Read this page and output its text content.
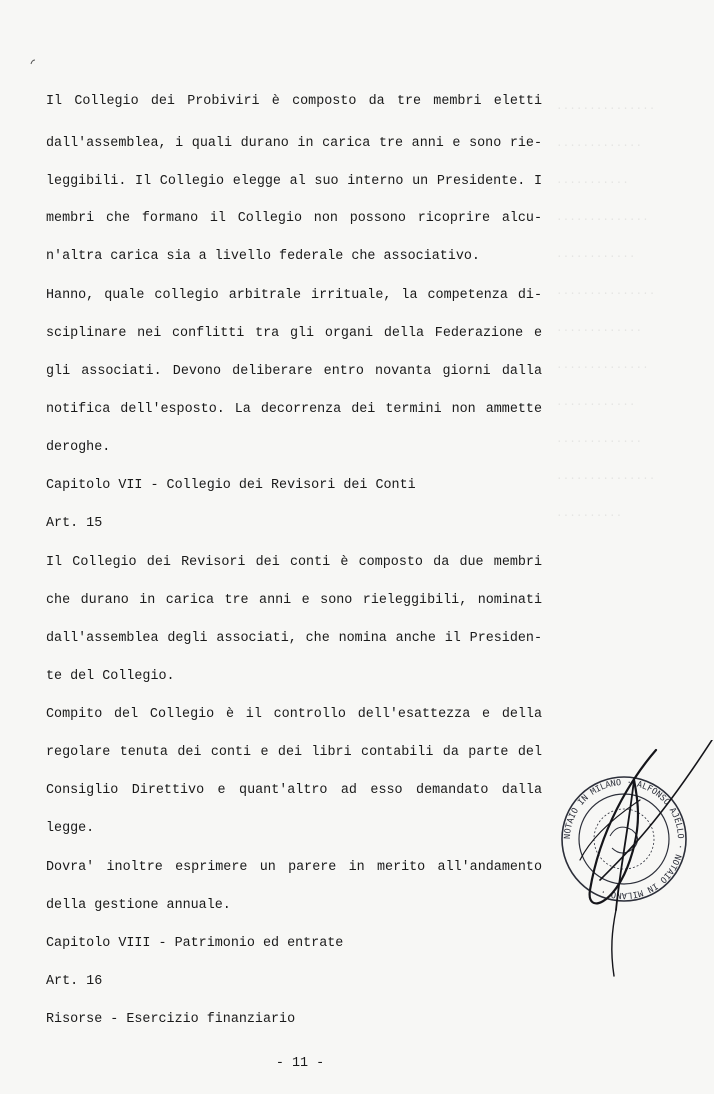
···············
·············
···········
··············
············
···············
·············
··············
············
·············
···············
··········
Il Collegio dei Probiviri è composto da tre membri eletti
dall'assemblea, i quali durano in carica tre anni e sono rie-
leggibili. Il Collegio elegge al suo interno un Presidente. I
membri che formano il Collegio non possono ricoprire alcu-
n'altra carica sia a livello federale che associativo.
Hanno, quale collegio arbitrale irrituale, la competenza di-
sciplinare nei conflitti tra gli organi della Federazione e
gli associati. Devono deliberare entro novanta giorni dalla
notifica dell'esposto. La decorrenza dei termini non ammette
deroghe.
Capitolo VII - Collegio dei Revisori dei Conti
Art. 15
Il Collegio dei Revisori dei conti è composto da due membri
che durano in carica tre anni e sono rieleggibili, nominati
dall'assemblea degli associati, che nomina anche il Presiden-
te del Collegio.
Compito del Collegio è il controllo dell'esattezza e della
regolare tenuta dei conti e dei libri contabili da parte del
Consiglio Direttivo e quant'altro ad esso demandato dalla
legge.
Dovra' inoltre esprimere un parere in merito all'andamento
della gestione annuale.
Capitolo VIII - Patrimonio ed entrate
Art. 16
Risorse - Esercizio finanziario
- 11 -
NOTAIO IN MILANO · ALFONSO AJELLO · NOTAIO IN MILANO ·
